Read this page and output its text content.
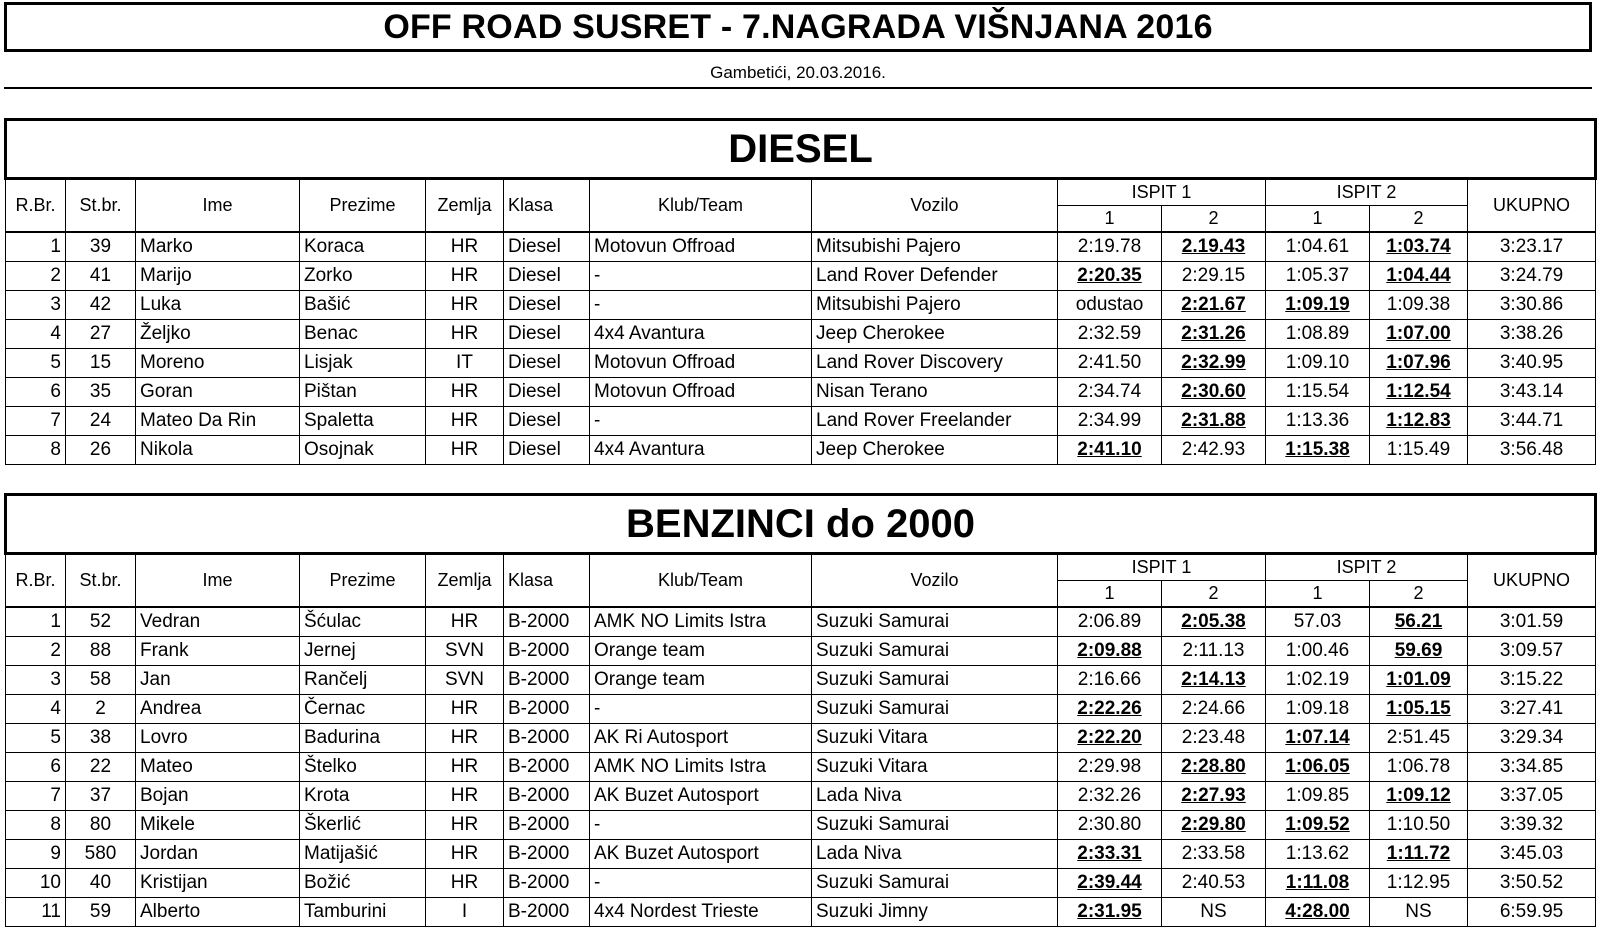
OFF ROAD SUSRET - 7.NAGRADA VIŠNJANA 2016
Gambetići, 20.03.2016.
DIESEL												
R.Br.	St.br.	Ime	Prezime	Zemlja	Klasa	Klub/Team	Vozilo	ISPIT 1		ISPIT 2		UKUPNO
								1	2	1	2	
1	39	Marko	Koraca	HR	Diesel	Motovun Offroad	Mitsubishi Pajero	2:19.78	2.19.43	1:04.61	1:03.74	3:23.17
2	41	Marijo	Zorko	HR	Diesel	-	Land Rover Defender	2:20.35	2:29.15	1:05.37	1:04.44	3:24.79
3	42	Luka	Bašić	HR	Diesel	-	Mitsubishi Pajero	odustao	2:21.67	1:09.19	1:09.38	3:30.86
4	27	Željko	Benac	HR	Diesel	4x4 Avantura	Jeep Cherokee	2:32.59	2:31.26	1:08.89	1:07.00	3:38.26
5	15	Moreno	Lisjak	IT	Diesel	Motovun Offroad	Land Rover Discovery	2:41.50	2:32.99	1:09.10	1:07.96	3:40.95
6	35	Goran	Pištan	HR	Diesel	Motovun Offroad	Nisan Terano	2:34.74	2:30.60	1:15.54	1:12.54	3:43.14
7	24	Mateo Da Rin	Spaletta	HR	Diesel	-	Land Rover Freelander	2:34.99	2:31.88	1:13.36	1:12.83	3:44.71
8	26	Nikola	Osojnak	HR	Diesel	4x4 Avantura	Jeep Cherokee	2:41.10	2:42.93	1:15.38	1:15.49	3:56.48
BENZINCI do 2000												
R.Br.	St.br.	Ime	Prezime	Zemlja	Klasa	Klub/Team	Vozilo	ISPIT 1		ISPIT 2		UKUPNO
								1	2	1	2	
1	52	Vedran	Šćulac	HR	B-2000	AMK NO Limits Istra	Suzuki Samurai	2:06.89	2:05.38	57.03	56.21	3:01.59
2	88	Frank	Jernej	SVN	B-2000	Orange team	Suzuki Samurai	2:09.88	2:11.13	1:00.46	59.69	3:09.57
3	58	Jan	Rančelj	SVN	B-2000	Orange team	Suzuki Samurai	2:16.66	2:14.13	1:02.19	1:01.09	3:15.22
4	2	Andrea	Černac	HR	B-2000	-	Suzuki Samurai	2:22.26	2:24.66	1:09.18	1:05.15	3:27.41
5	38	Lovro	Badurina	HR	B-2000	AK Ri Autosport	Suzuki Vitara	2:22.20	2:23.48	1:07.14	2:51.45	3:29.34
6	22	Mateo	Štelko	HR	B-2000	AMK NO Limits Istra	Suzuki Vitara	2:29.98	2:28.80	1:06.05	1:06.78	3:34.85
7	37	Bojan	Krota	HR	B-2000	AK Buzet Autosport	Lada Niva	2:32.26	2:27.93	1:09.85	1:09.12	3:37.05
8	80	Mikele	Škerlić	HR	B-2000	-	Suzuki Samurai	2:30.80	2:29.80	1:09.52	1:10.50	3:39.32
9	580	Jordan	Matijašić	HR	B-2000	AK Buzet Autosport	Lada Niva	2:33.31	2:33.58	1:13.62	1:11.72	3:45.03
10	40	Kristijan	Božić	HR	B-2000	-	Suzuki Samurai	2:39.44	2:40.53	1:11.08	1:12.95	3:50.52
11	59	Alberto	Tamburini	I	B-2000	4x4 Nordest Trieste	Suzuki Jimny	2:31.95	NS	4:28.00	NS	6:59.95
